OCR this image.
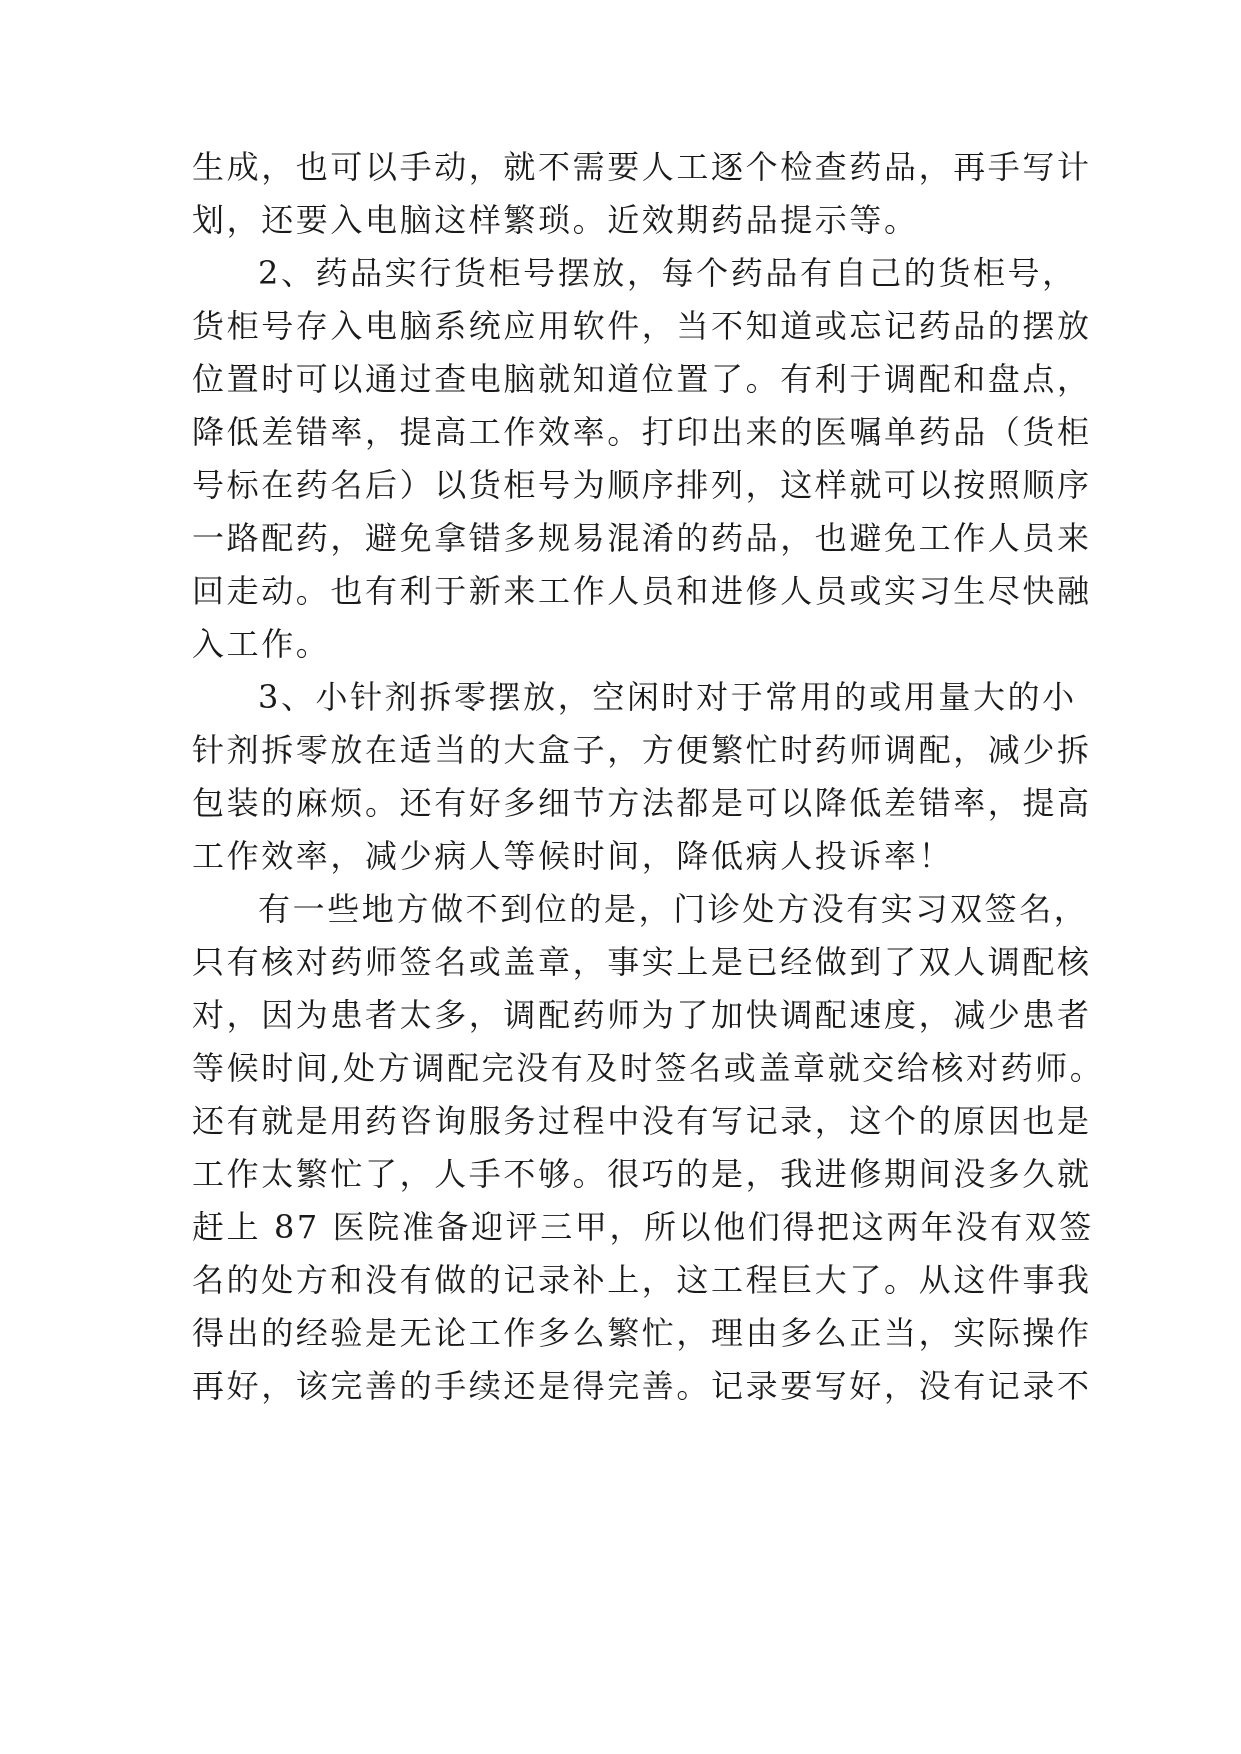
生成，也可以手动，就不需要人工逐个检查药品，再手写计
划，还要入电脑这样繁琐。近效期药品提示等。
2、药品实行货柜号摆放，每个药品有自己的货柜号，
货柜号存入电脑系统应用软件，当不知道或忘记药品的摆放
位置时可以通过查电脑就知道位置了。有利于调配和盘点，
降低差错率，提高工作效率。打印出来的医嘱单药品（货柜
号标在药名后）以货柜号为顺序排列，这样就可以按照顺序
一路配药，避免拿错多规易混淆的药品，也避免工作人员来
回走动。也有利于新来工作人员和进修人员或实习生尽快融
入工作。
3、小针剂拆零摆放，空闲时对于常用的或用量大的小
针剂拆零放在适当的大盒子，方便繁忙时药师调配，减少拆
包装的麻烦。还有好多细节方法都是可以降低差错率，提高
工作效率，减少病人等候时间，降低病人投诉率！
有一些地方做不到位的是，门诊处方没有实习双签名，
只有核对药师签名或盖章，事实上是已经做到了双人调配核
对，因为患者太多，调配药师为了加快调配速度，减少患者
等候时间,处方调配完没有及时签名或盖章就交给核对药师。
还有就是用药咨询服务过程中没有写记录，这个的原因也是
工作太繁忙了，人手不够。很巧的是，我进修期间没多久就
赶上 87 医院准备迎评三甲，所以他们得把这两年没有双签
名的处方和没有做的记录补上，这工程巨大了。从这件事我
得出的经验是无论工作多么繁忙，理由多么正当，实际操作
再好，该完善的手续还是得完善。记录要写好，没有记录不
